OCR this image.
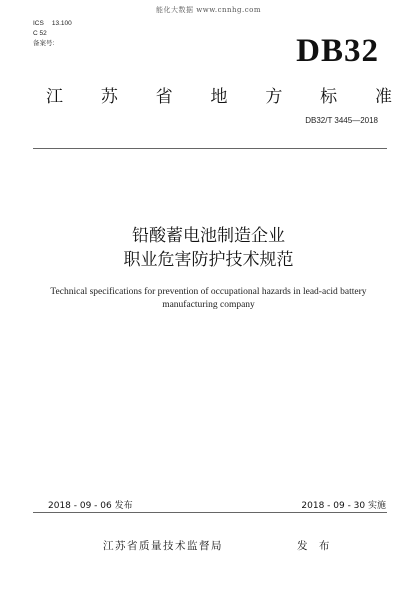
能化大数据 www.cnnhg.com
ICS 13.100
C 52
备案号:	DB32
江 苏 省 地 方 标 准
DB32/T 3445—2018
铅酸蓄电池制造企业
职业危害防护技术规范
Technical specifications for prevention of occupational hazards in lead-acid battery
manufacturing company
2018 - 09 - 06 发布	2018 - 09 - 30 实施
江苏省质量技术监督局	发 布
